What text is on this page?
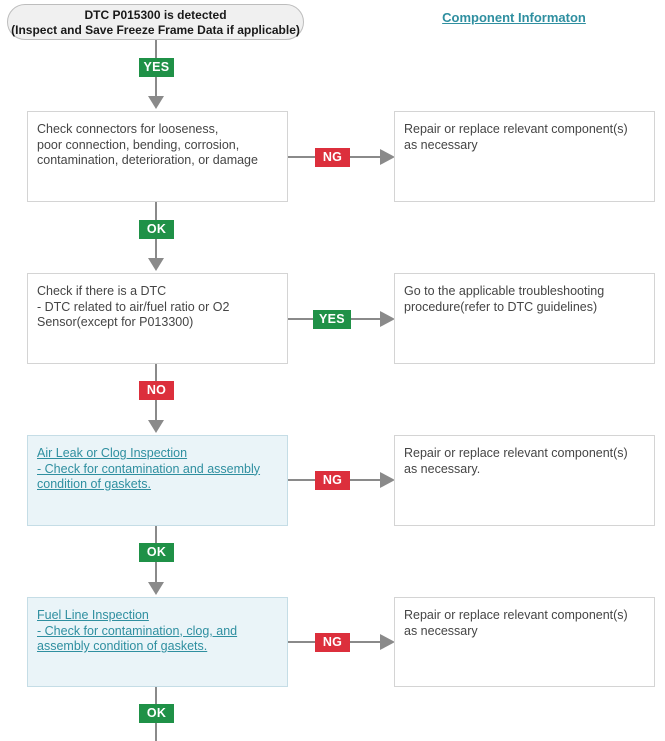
DTC P015300 is detected
(Inspect and Save Freeze Frame Data if applicable)
Component Informaton
YES
Check connectors for looseness,
poor connection, bending, corrosion,
contamination, deterioration, or damage	NG
Repair or replace relevant component(s)
as necessary
OK
Check if there is a DTC
- DTC related to air/fuel ratio or O2
Sensor(except for P013300)	YES
Go to the applicable troubleshooting
procedure(refer to DTC guidelines)
NO
Air Leak or Clog Inspection
- Check for contamination and assembly
condition of gaskets.	NG
Repair or replace relevant component(s)
as necessary.
OK
Fuel Line Inspection
- Check for contamination, clog, and
assembly condition of gaskets.	NG
Repair or replace relevant component(s)
as necessary
OK
